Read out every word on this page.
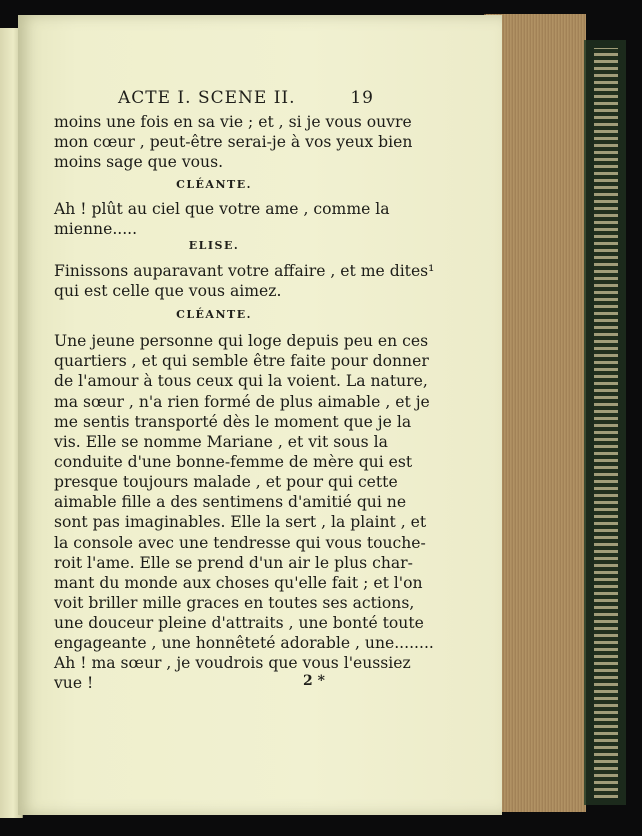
ACTE I. SCENE II.	19
moins une fois en sa vie ; et , si je vous ouvre
mon cœur , peut-être serai-je à vos yeux bien
moins sage que vous.
CLÉANTE.
Ah ! plût au ciel que votre ame , comme la
mienne.....
ELISE.
Finissons auparavant votre affaire , et me dites¹
qui est celle que vous aimez.
CLÉANTE.
Une jeune personne qui loge depuis peu en ces
quartiers , et qui semble être faite pour donner
de l'amour à tous ceux qui la voient. La nature,
ma sœur , n'a rien formé de plus aimable , et je
me sentis transporté dès le moment que je la
vis. Elle se nomme Mariane , et vit sous la
conduite d'une bonne-femme de mère qui est
presque toujours malade , et pour qui cette
aimable fille a des sentimens d'amitié qui ne
sont pas imaginables. Elle la sert , la plaint , et
la console avec une tendresse qui vous touche-
roit l'ame. Elle se prend d'un air le plus char-
mant du monde aux choses qu'elle fait ; et l'on
voit briller mille graces en toutes ses actions,
une douceur pleine d'attraits , une bonté toute
engageante , une honnêteté adorable , une........
Ah ! ma sœur , je voudrois que vous l'eussiez
vue !	2 *
